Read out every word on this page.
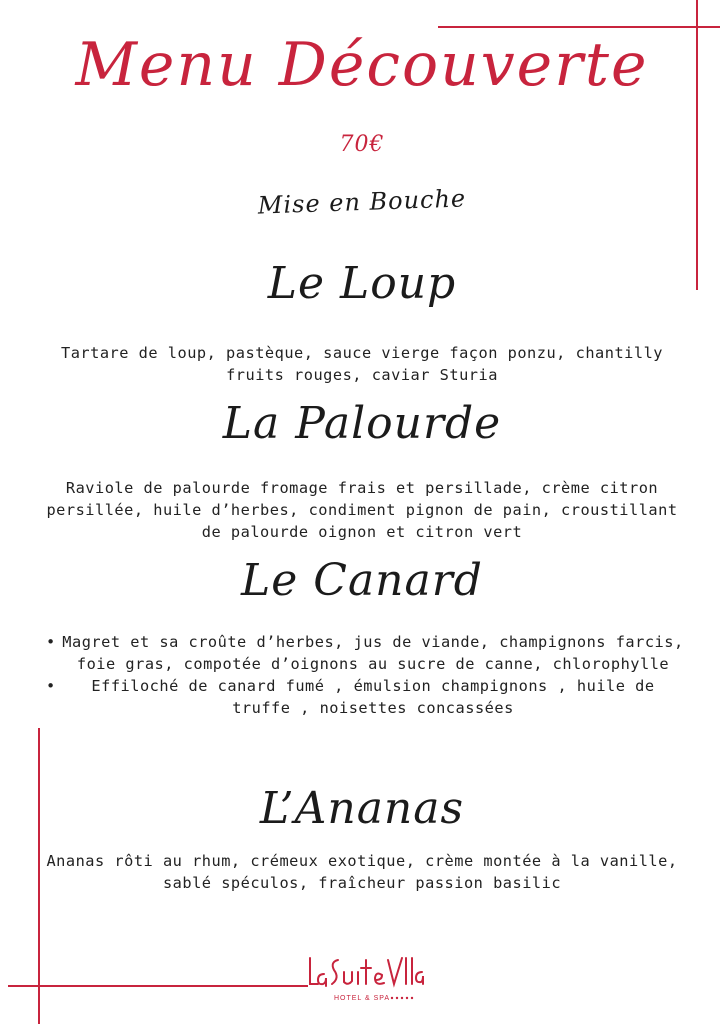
Menu Découverte
70€
Mise en Bouche
Le Loup
Tartare de loup, pastèque, sauce vierge façon ponzu, chantilly fruits rouges, caviar Sturia
La Palourde
Raviole de palourde fromage frais et persillade, crème citron persillée, huile d’herbes, condiment pignon de pain, croustillant de palourde oignon et citron vert
Le Canard
• Magret et sa croûte d’herbes, jus de viande, champignons farcis, foie gras, compotée d’oignons au sucre de canne, chlorophylle
• Effiloché de canard fumé , émulsion champignons , huile de truffe , noisettes concassées
L’Ananas
Ananas rôti au rhum, crémeux exotique, crème montée à la vanille, sablé spéculos, fraîcheur passion basilic
HOTEL & SPA
